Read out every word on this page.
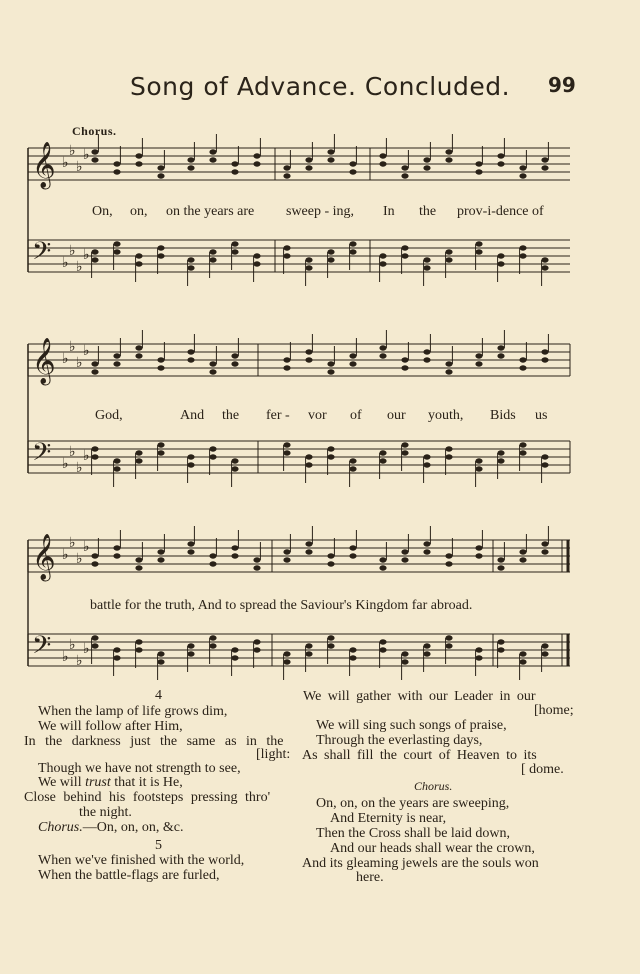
Song of Advance. Concluded. 99
Chorus.
𝄞 ♭
♭
♭
♭
𝄢 ♭
♭
♭
♭
𝄞 ♭
♭
♭
♭
𝄢 ♭
♭
♭
♭
𝄞 ♭
♭
♭
♭
𝄢 ♭
♭
♭
♭
On, on, on the years are sweep - ing, In the prov-i-dence of
God,	And the fer - vor of our youth, Bids us
battle for the truth, And to spread the Saviour's Kingdom far abroad.
4
When the lamp of life grows dim,
We will follow after Him,
In the darkness just the same as in the
[light:
Though we have not strength to see,
We will trust that it is He,
Close behind his footsteps pressing thro'
the night.
Chorus.—On, on, on, &c.
5
When we've finished with the world,
When the battle-flags are furled,
We will gather with our Leader in our
[home;
We will sing such songs of praise,
Through the everlasting days,
As shall fill the court of Heaven to its
[ dome.
Chorus.
On, on, on the years are sweeping,
And Eternity is near,
Then the Cross shall be laid down,
And our heads shall wear the crown,
And its gleaming jewels are the souls won
here.
